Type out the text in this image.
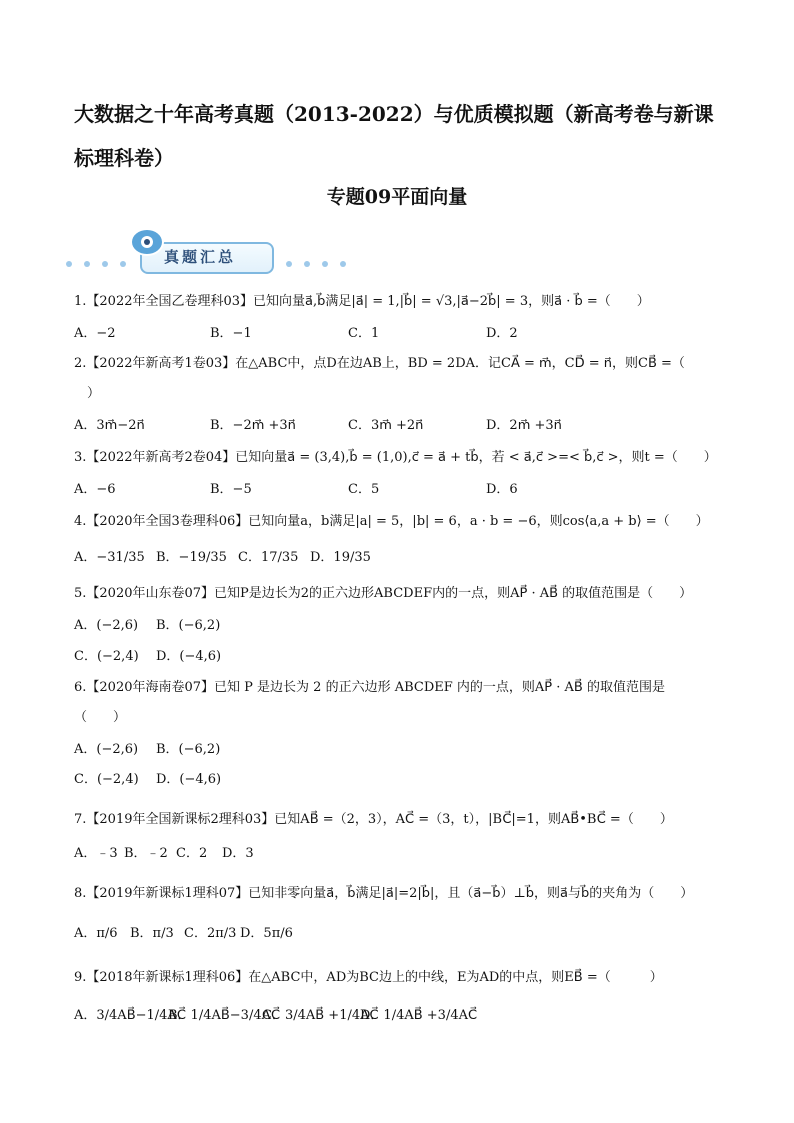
大数据之十年高考真题（2013-2022）与优质模拟题（新高考卷与新课
标理科卷）
专题09平面向量
真题汇总
1.【2022年全国乙卷理科03】已知向量a⃗,b⃗满足|a⃗| = 1,|b⃗| = √3,|a⃗−2b⃗| = 3，则a⃗ · b⃗ =（　　）
A．−2	B．−1	C．1	D．2
2.【2022年新高考1卷03】在△ABC中，点D在边AB上，BD = 2DA．记CA⃗ = m⃗，CD⃗ = n⃗，则CB⃗ =（
　）
A．3m⃗−2n⃗	B．−2m⃗ +3n⃗	C．3m⃗ +2n⃗	D．2m⃗ +3n⃗
3.【2022年新高考2卷04】已知向量a⃗ = (3,4),b⃗ = (1,0),c⃗ = a⃗ + tb⃗，若 < a⃗,c⃗ >=< b⃗,c⃗ >，则t =（　　）
A．−6	B．−5	C．5	D．6
4.【2020年全国3卷理科06】已知向量a，b满足|a| = 5，|b| = 6，a · b = −6，则cos⟨a,a + b⟩ =（　　）
A．−31/35 B．−19/35 C．17/35 D．19/35
5.【2020年山东卷07】已知P是边长为2的正六边形ABCDEF内的一点，则AP⃗ · AB⃗ 的取值范围是（　　）
A．(−2,6) B．(−6,2)
C．(−2,4) D．(−4,6)
6.【2020年海南卷07】已知 P 是边长为 2 的正六边形 ABCDEF 内的一点，则AP⃗ · AB⃗ 的取值范围是
（　　）
A．(−2,6) B．(−6,2)
C．(−2,4) D．(−4,6)
7.【2019年全国新课标2理科03】已知AB⃗ =（2，3），AC⃗ =（3，t），|BC⃗|=1，则AB⃗•BC⃗ =（　　）
A．﹣3 B．﹣2 C．2 D．3
8.【2019年新课标1理科07】已知非零向量a⃗，b⃗满足|a⃗|=2|b⃗|，且（a⃗−b⃗）⊥b⃗，则a⃗与b⃗的夹角为（　　）
A．π/6 B．π/3 C．2π/3 D．5π/6
9.【2018年新课标1理科06】在△ABC中，AD为BC边上的中线，E为AD的中点，则EB⃗ =（　　　）
A．3/4AB⃗−1/4AC⃗
B．1/4AB⃗−3/4AC⃗
C．3/4AB⃗ +1/4AC⃗
D．1/4AB⃗ +3/4AC⃗
